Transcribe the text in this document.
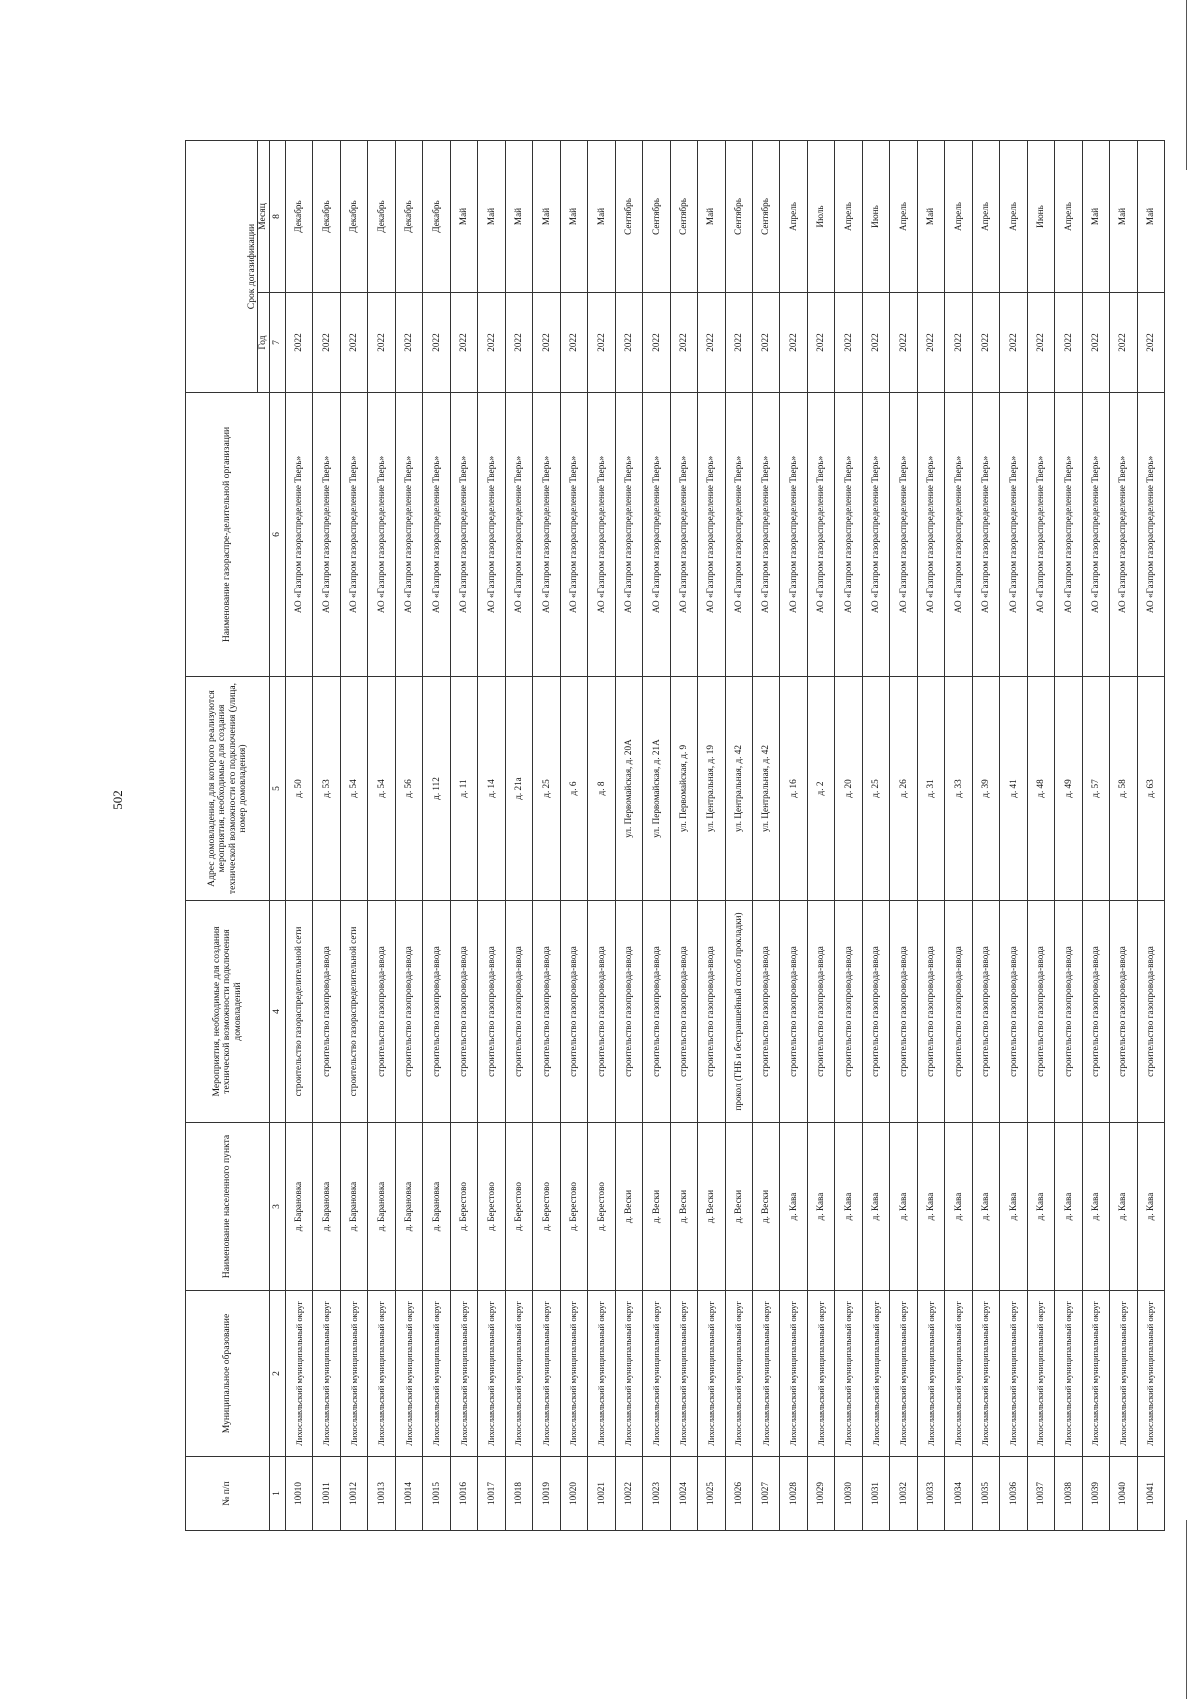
502
№ п/п	Муниципальное образование	Наименование населенного пункта	Мероприятия, необходимые для создания технической возможности подключения домовладений	Адрес домовладения, для которого реализуются мероприятия, необходимые для создания технической возможности его подключения (улица, номер домовладения)	Наименование газораспре-делительной организации	Срок догазификации	
						Год	Месяц
1	2	3	4	5	6	7	8
10010	Лихославльский муниципальный округ	д. Барановка	строительство газораспределительной сети	д. 50	АО «Газпром газораспределение Тверь»	2022	Декабрь
10011	Лихославльский муниципальный округ	д. Барановка	строительство газопровода-ввода	д. 53	АО «Газпром газораспределение Тверь»	2022	Декабрь
10012	Лихославльский муниципальный округ	д. Барановка	строительство газораспределительной сети	д. 54	АО «Газпром газораспределение Тверь»	2022	Декабрь
10013	Лихославльский муниципальный округ	д. Барановка	строительство газопровода-ввода	д. 54	АО «Газпром газораспределение Тверь»	2022	Декабрь
10014	Лихославльский муниципальный округ	д. Барановка	строительство газопровода-ввода	д. 56	АО «Газпром газораспределение Тверь»	2022	Декабрь
10015	Лихославльский муниципальный округ	д. Барановка	строительство газопровода-ввода	д. 112	АО «Газпром газораспределение Тверь»	2022	Декабрь
10016	Лихославльский муниципальный округ	д. Берестово	строительство газопровода-ввода	д. 11	АО «Газпром газораспределение Тверь»	2022	Май
10017	Лихославльский муниципальный округ	д. Берестово	строительство газопровода-ввода	д. 14	АО «Газпром газораспределение Тверь»	2022	Май
10018	Лихославльский муниципальный округ	д. Берестово	строительство газопровода-ввода	д. 21а	АО «Газпром газораспределение Тверь»	2022	Май
10019	Лихославльский муниципальный округ	д. Берестово	строительство газопровода-ввода	д. 25	АО «Газпром газораспределение Тверь»	2022	Май
10020	Лихославльский муниципальный округ	д. Берестово	строительство газопровода-ввода	д. 6	АО «Газпром газораспределение Тверь»	2022	Май
10021	Лихославльский муниципальный округ	д. Берестово	строительство газопровода-ввода	д. 8	АО «Газпром газораспределение Тверь»	2022	Май
10022	Лихославльский муниципальный округ	д. Вески	строительство газопровода-ввода	ул. Первомайская, д. 20А	АО «Газпром газораспределение Тверь»	2022	Сентябрь
10023	Лихославльский муниципальный округ	д. Вески	строительство газопровода-ввода	ул. Первомайская, д. 21А	АО «Газпром газораспределение Тверь»	2022	Сентябрь
10024	Лихославльский муниципальный округ	д. Вески	строительство газопровода-ввода	ул. Первомайская, д. 9	АО «Газпром газораспределение Тверь»	2022	Сентябрь
10025	Лихославльский муниципальный округ	д. Вески	строительство газопровода-ввода	ул. Центральная, д. 19	АО «Газпром газораспределение Тверь»	2022	Май
10026	Лихославльский муниципальный округ	д. Вески	прокол (ГНБ и бестраншейный способ прокладки)	ул. Центральная, д. 42	АО «Газпром газораспределение Тверь»	2022	Сентябрь
10027	Лихославльский муниципальный округ	д. Вески	строительство газопровода-ввода	ул. Центральная, д. 42	АО «Газпром газораспределение Тверь»	2022	Сентябрь
10028	Лихославльский муниципальный округ	д. Кава	строительство газопровода-ввода	д. 16	АО «Газпром газораспределение Тверь»	2022	Апрель
10029	Лихославльский муниципальный округ	д. Кава	строительство газопровода-ввода	д. 2	АО «Газпром газораспределение Тверь»	2022	Июль
10030	Лихославльский муниципальный округ	д. Кава	строительство газопровода-ввода	д. 20	АО «Газпром газораспределение Тверь»	2022	Апрель
10031	Лихославльский муниципальный округ	д. Кава	строительство газопровода-ввода	д. 25	АО «Газпром газораспределение Тверь»	2022	Июнь
10032	Лихославльский муниципальный округ	д. Кава	строительство газопровода-ввода	д. 26	АО «Газпром газораспределение Тверь»	2022	Апрель
10033	Лихославльский муниципальный округ	д. Кава	строительство газопровода-ввода	д. 31	АО «Газпром газораспределение Тверь»	2022	Май
10034	Лихославльский муниципальный округ	д. Кава	строительство газопровода-ввода	д. 33	АО «Газпром газораспределение Тверь»	2022	Апрель
10035	Лихославльский муниципальный округ	д. Кава	строительство газопровода-ввода	д. 39	АО «Газпром газораспределение Тверь»	2022	Апрель
10036	Лихославльский муниципальный округ	д. Кава	строительство газопровода-ввода	д. 41	АО «Газпром газораспределение Тверь»	2022	Апрель
10037	Лихославльский муниципальный округ	д. Кава	строительство газопровода-ввода	д. 48	АО «Газпром газораспределение Тверь»	2022	Июнь
10038	Лихославльский муниципальный округ	д. Кава	строительство газопровода-ввода	д. 49	АО «Газпром газораспределение Тверь»	2022	Апрель
10039	Лихославльский муниципальный округ	д. Кава	строительство газопровода-ввода	д. 57	АО «Газпром газораспределение Тверь»	2022	Май
10040	Лихославльский муниципальный округ	д. Кава	строительство газопровода-ввода	д. 58	АО «Газпром газораспределение Тверь»	2022	Май
10041	Лихославльский муниципальный округ	д. Кава	строительство газопровода-ввода	д. 63	АО «Газпром газораспределение Тверь»	2022	Май
